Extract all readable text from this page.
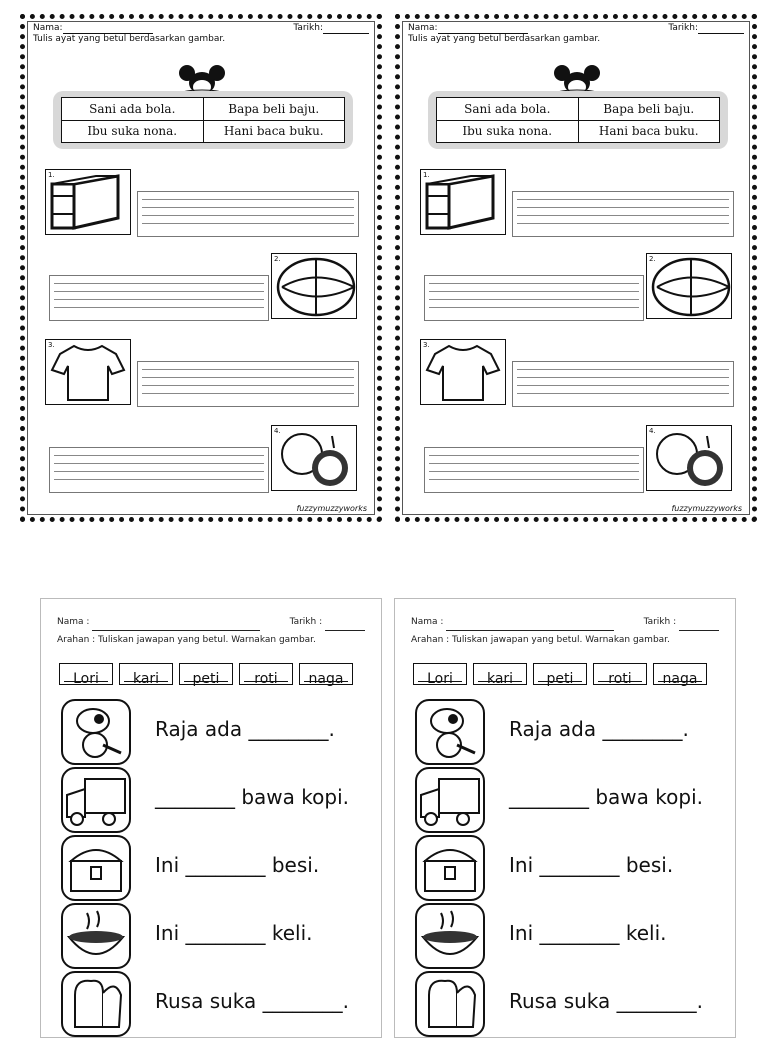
Nama:	Tarikh:
Tulis ayat yang betul berdasarkan gambar.
Sani ada bola.	Bapa beli baju.
Ibu suka nona.	Hani baca buku.
1.
2.
3.
4.
fuzzymuzzyworks
Nama:	Tarikh:
Tulis ayat yang betul berdasarkan gambar.
Sani ada bola.	Bapa beli baju.
Ibu suka nona.	Hani baca buku.
1.
2.
3.
4.
fuzzymuzzyworks
Nama :	Tarikh :
Arahan : Tuliskan jawapan yang betul. Warnakan gambar.
Lori	kari	peti	roti	naga
Raja ada ________.
________ bawa kopi.
Ini ________ besi.
Ini ________ keli.
Rusa suka ________.
Nama :	Tarikh :
Arahan : Tuliskan jawapan yang betul. Warnakan gambar.
Lori	kari	peti	roti	naga
Raja ada ________.
________ bawa kopi.
Ini ________ besi.
Ini ________ keli.
Rusa suka ________.
